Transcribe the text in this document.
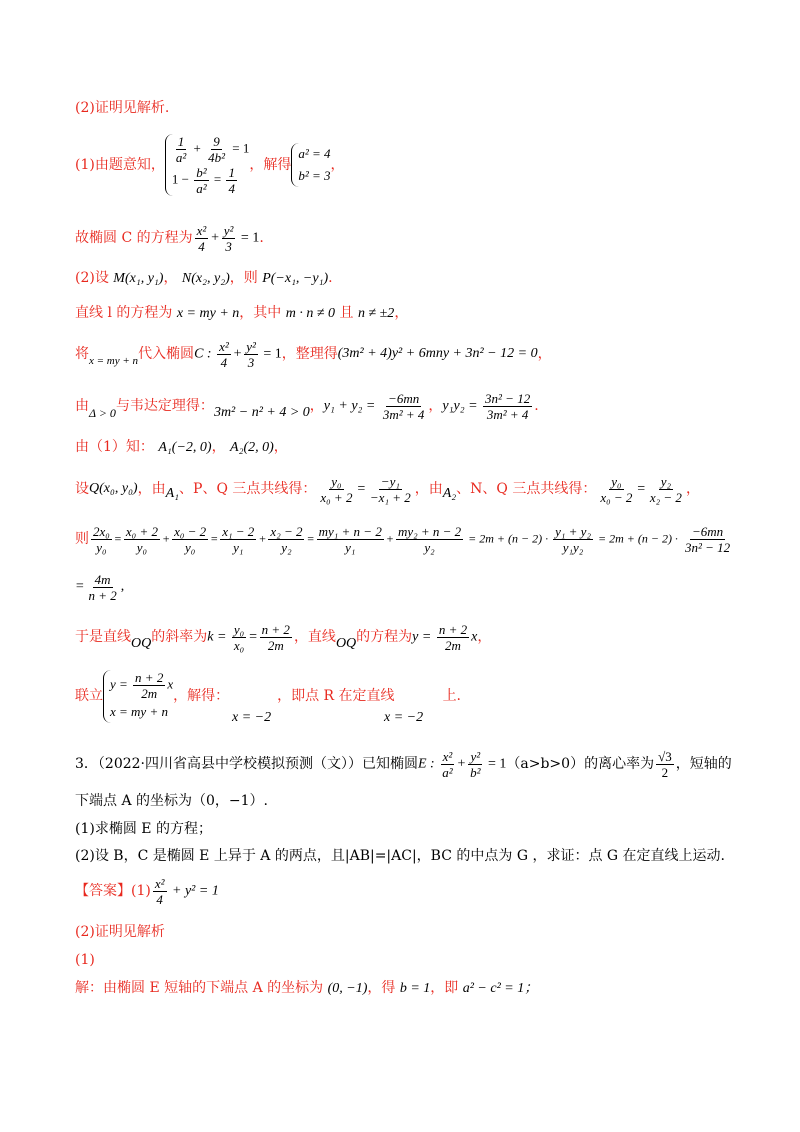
(2)证明见解析.
(1)由题意知， $\frac{1}{\text{a²}} + \frac{9}{\text{4b²}} = 1$
$1 - \frac{\text{b²}}{\text{a²}} = \frac{1}{4}$ ，解得
a² = 4
b² = 3
，
故椭圆 C 的方程为 $\frac{\text{x²}}{4} + \frac{\text{y²}}{3} = 1$ .
(2)设 M(x₁, y₁)， N(x₂, y₂)，则 P(−x₁, −y₁).
直线 l 的方程为 x = my + n，其中 m · n ≠ 0 且 n ≠ ±2，
将 x = my + n 代入椭圆 C : $\frac{\text{x²}}{4} + \frac{\text{y²}}{3} = 1$ ，整理得 (3m² + 4)y² + 6mny + 3n² − 12 = 0 ，
由 Δ > 0 与韦达定理得： 3m² − n² + 4 > 0 ， $y_1 + y_2 = \frac{-6mn}{\text{3m² + 4}}$ ， $y_1y_2 = \frac{\text{3n² − 12}}{\text{3m² + 4}}$ .
由（1）知： A₁(−2, 0)， A₂(2, 0)，
设 Q(x₀, y₀) ，由 A₁ 、P、Q 三点共线得： $\frac{\text{y₀}}{\text{x₀ + 2}} = \frac{\text{−y₁}}{\text{−x₁ + 2}}$ ，由 A₂ 、N、Q 三点共线得： $\frac{\text{y₀}}{\text{x₀ − 2}} = \frac{\text{y₂}}{\text{x₂ − 2}}$ ，
则 $\frac{\text{2x₀}}{\text{y₀}} = \frac{\text{x₀ + 2}}{\text{y₀}} + \frac{\text{x₀ − 2}}{\text{y₀}} = \frac{\text{x₁ − 2}}{\text{y₁}} + \frac{\text{x₂ − 2}}{\text{y₂}} = \frac{\text{my₁ + n − 2}}{\text{y₁}} + \frac{\text{my₂ + n − 2}}{\text{y₂}} = 2m + (n - 2) \cdot \frac{\text{y₁ + y₂}}{\text{y₁y₂}} = 2m + (n - 2) \cdot \frac{-6mn}{\text{3n² − 12}}$
= $\frac{4m}{n + 2}$ ,
于是直线 OQ 的斜率为 $k = \frac{\text{y₀}}{\text{x₀}} = \frac{n + 2}{2m}$ ，直线 OQ 的方程为 $y = \frac{n + 2}{2m}$ x ，
联立
$y = \frac{n + 2}{2m}$ x
x = my + n
，解得：	，即点 R 在定直线	上.
x = −2	x = −2
3．（2022·四川省高县中学校模拟预测（文））已知椭圆 E : $\frac{\text{x²}}{\text{a²}} + \frac{\text{y²}}{\text{b²}} = 1$ （a>b>0）的离心率为 $\frac{√3}{2}$ ，短轴的
下端点 A 的坐标为（0，−1）.
(1)求椭圆 E 的方程；
(2)设 B，C 是椭圆 E 上异于 A 的两点，且|AB|=|AC|，BC 的中点为 G ，求证：点 G 在定直线上运动.
【答案】$(1) \frac{\text{x²}}{4} + y^2 = 1$
(2)证明见解析
(1)
解：由椭圆 E 短轴的下端点 A 的坐标为 (0, −1)，得 b = 1，即 a² − c² = 1；
